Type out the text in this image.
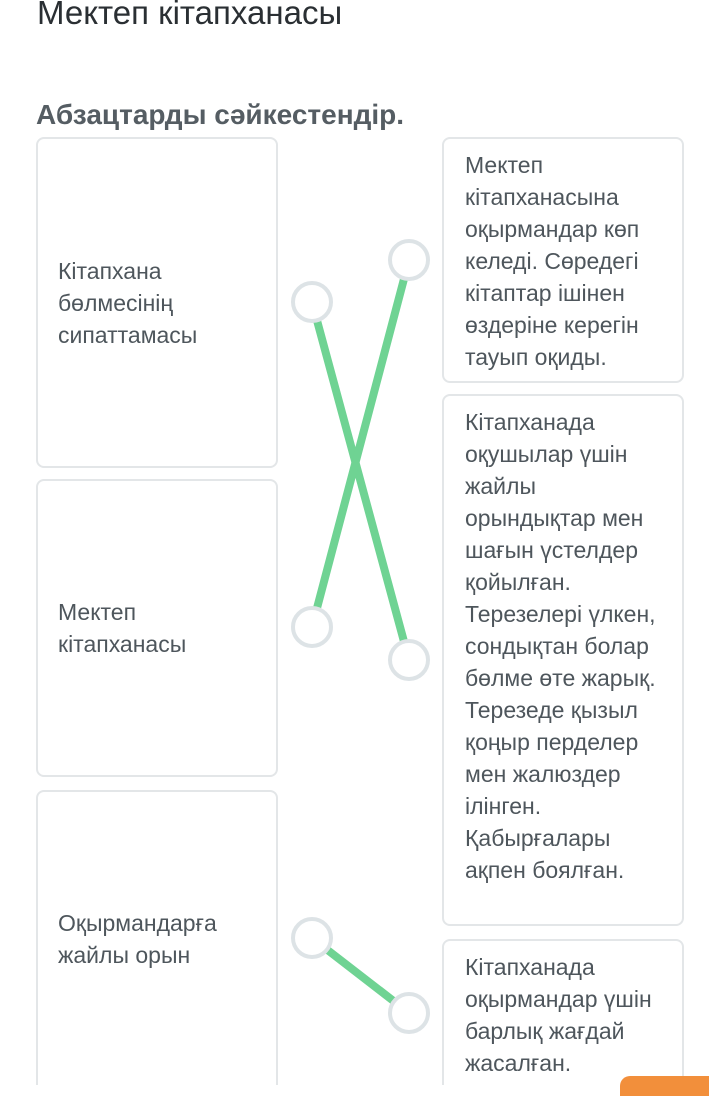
Мектеп кітапханасы
Абзацтарды сәйкестендір.
Кітапхана бөлмесінің сипаттамасы
Мектеп кітапханасы
Оқырмандарға жайлы орын
Мектеп кітапханасына оқырмандар көп келеді. Сөредегі кітаптар ішінен өздеріне керегін тауып оқиды.
Кітапханада оқушылар үшін жайлы орындықтар мен шағын үстелдер қойылған. Терезелері үлкен, сондықтан болар бөлме өте жарық. Терезеде қызыл қоңыр перделер мен жалюздер ілінген. Қабырғалары ақпен боялған.
Кітапханада оқырмандар үшін барлық жағдай жасалған.
